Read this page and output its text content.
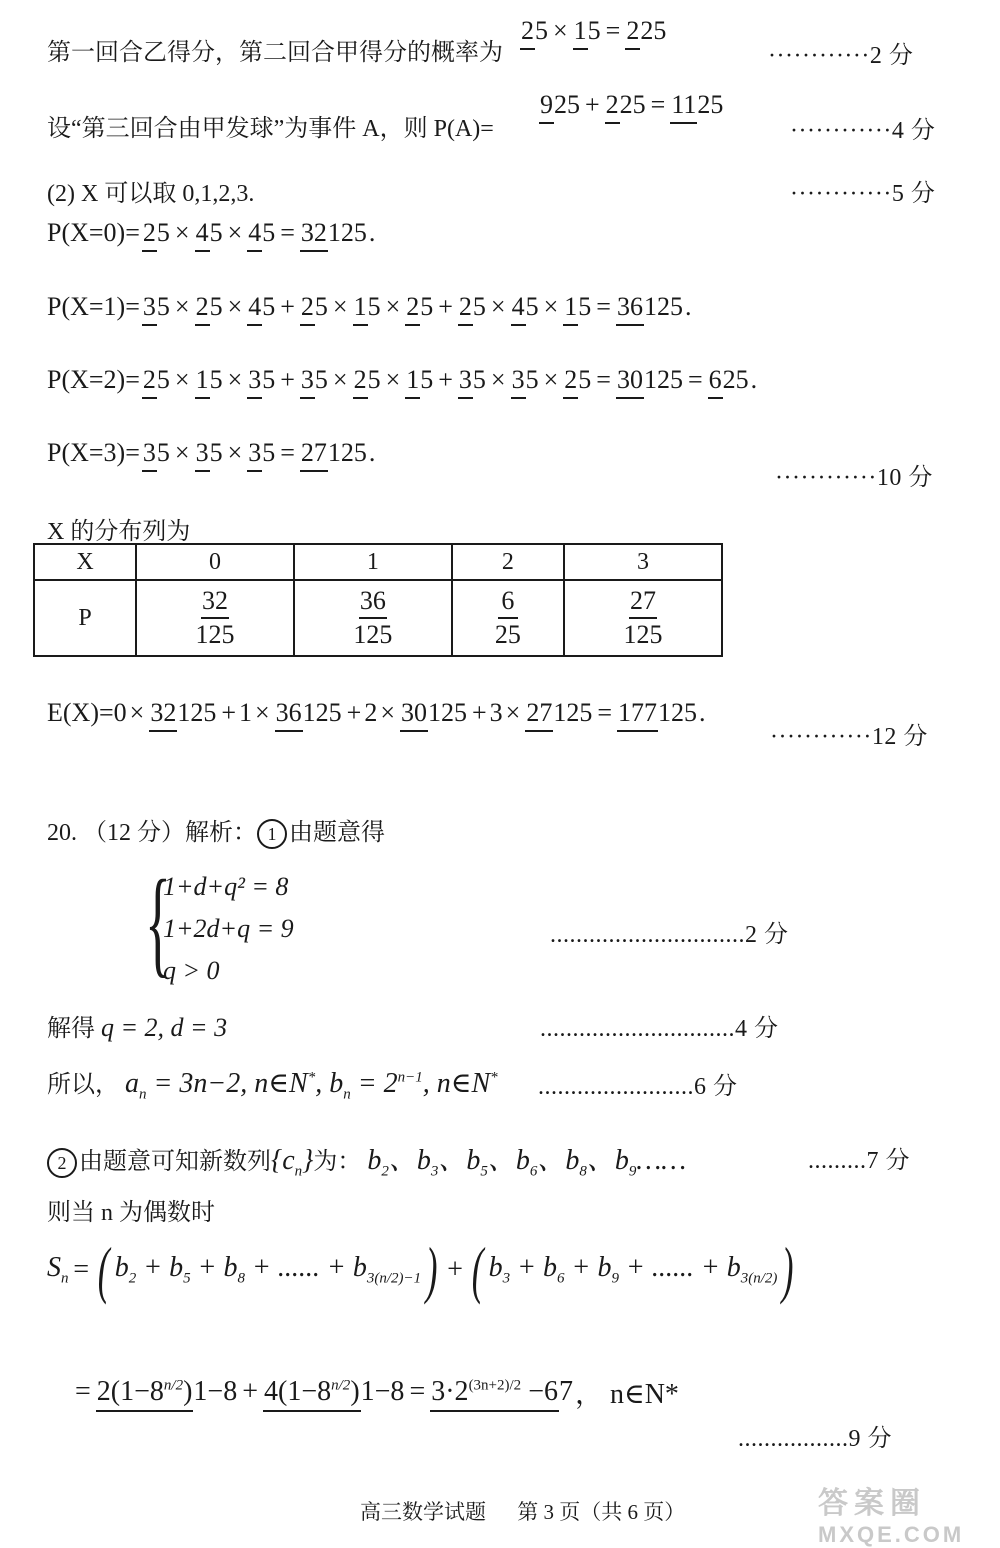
第一回合乙得分，第二回合甲得分的概率为
25 × 15 = 225
············2 分
设“第三回合由甲发球”为事件 A，则 P(A)=
925 + 225 = 1125
············4 分
(2) X 可以取 0,1,2,3.	············5 分
P(X=0)= 25 × 45 × 45 = 32125 .
P(X=1)= 35 × 25 × 45 + 25 × 15 × 25 + 25 × 45 × 15 = 36125 .
P(X=2)= 25 × 15 × 35 + 35 × 25 × 15 + 35 × 35 × 25 = 30125 = 625 .
P(X=3)= 35 × 35 × 35 = 27125 .
············10 分
X 的分布列为
X	0	1	2	3
P	$\frac{32}{125}$	$\frac{36}{125}$	$\frac{6}{25}$	$\frac{27}{125}$
E(X)= 0 × 32125 + 1 × 36125 + 2 × 30125 + 3 × 27125 = 177125 .
············12 分
20. （12 分）解析： 1 由题意得
{
1+d+q² = 8
1+2d+q = 9
q > 0
..............................2 分
解得 q = 2, d = 3	..............................4 分
所以， $a_n = 3n-2$, n∈N*, $b_n = 2^{n-1}$, n∈N* ........................6 分
2 由题意可知新数列$\{c_n\}$为： $b_2$、$b_3$、$b_5$、$b_6$、$b_8$、$b_9\dots\dots$	.........7 分
则当 n 为偶数时
$S_n$ = ( $b_2 + b_5 + b_8$ + ...... + $b_{3(n/2)-1}$ ) + ( $b_3 + b_6 + b_9$ + ...... + $b_{3(n/2)}$ )
= $2(1-8^{n/2})1-8 + 4(1-8^{n/2})1-8 = 3\cdot 2^{(3n+2)/2} -67$ ， n∈N*
.................9 分
高三数学试题 第 3 页（共 6 页）	答案圈
MXQE.COM
